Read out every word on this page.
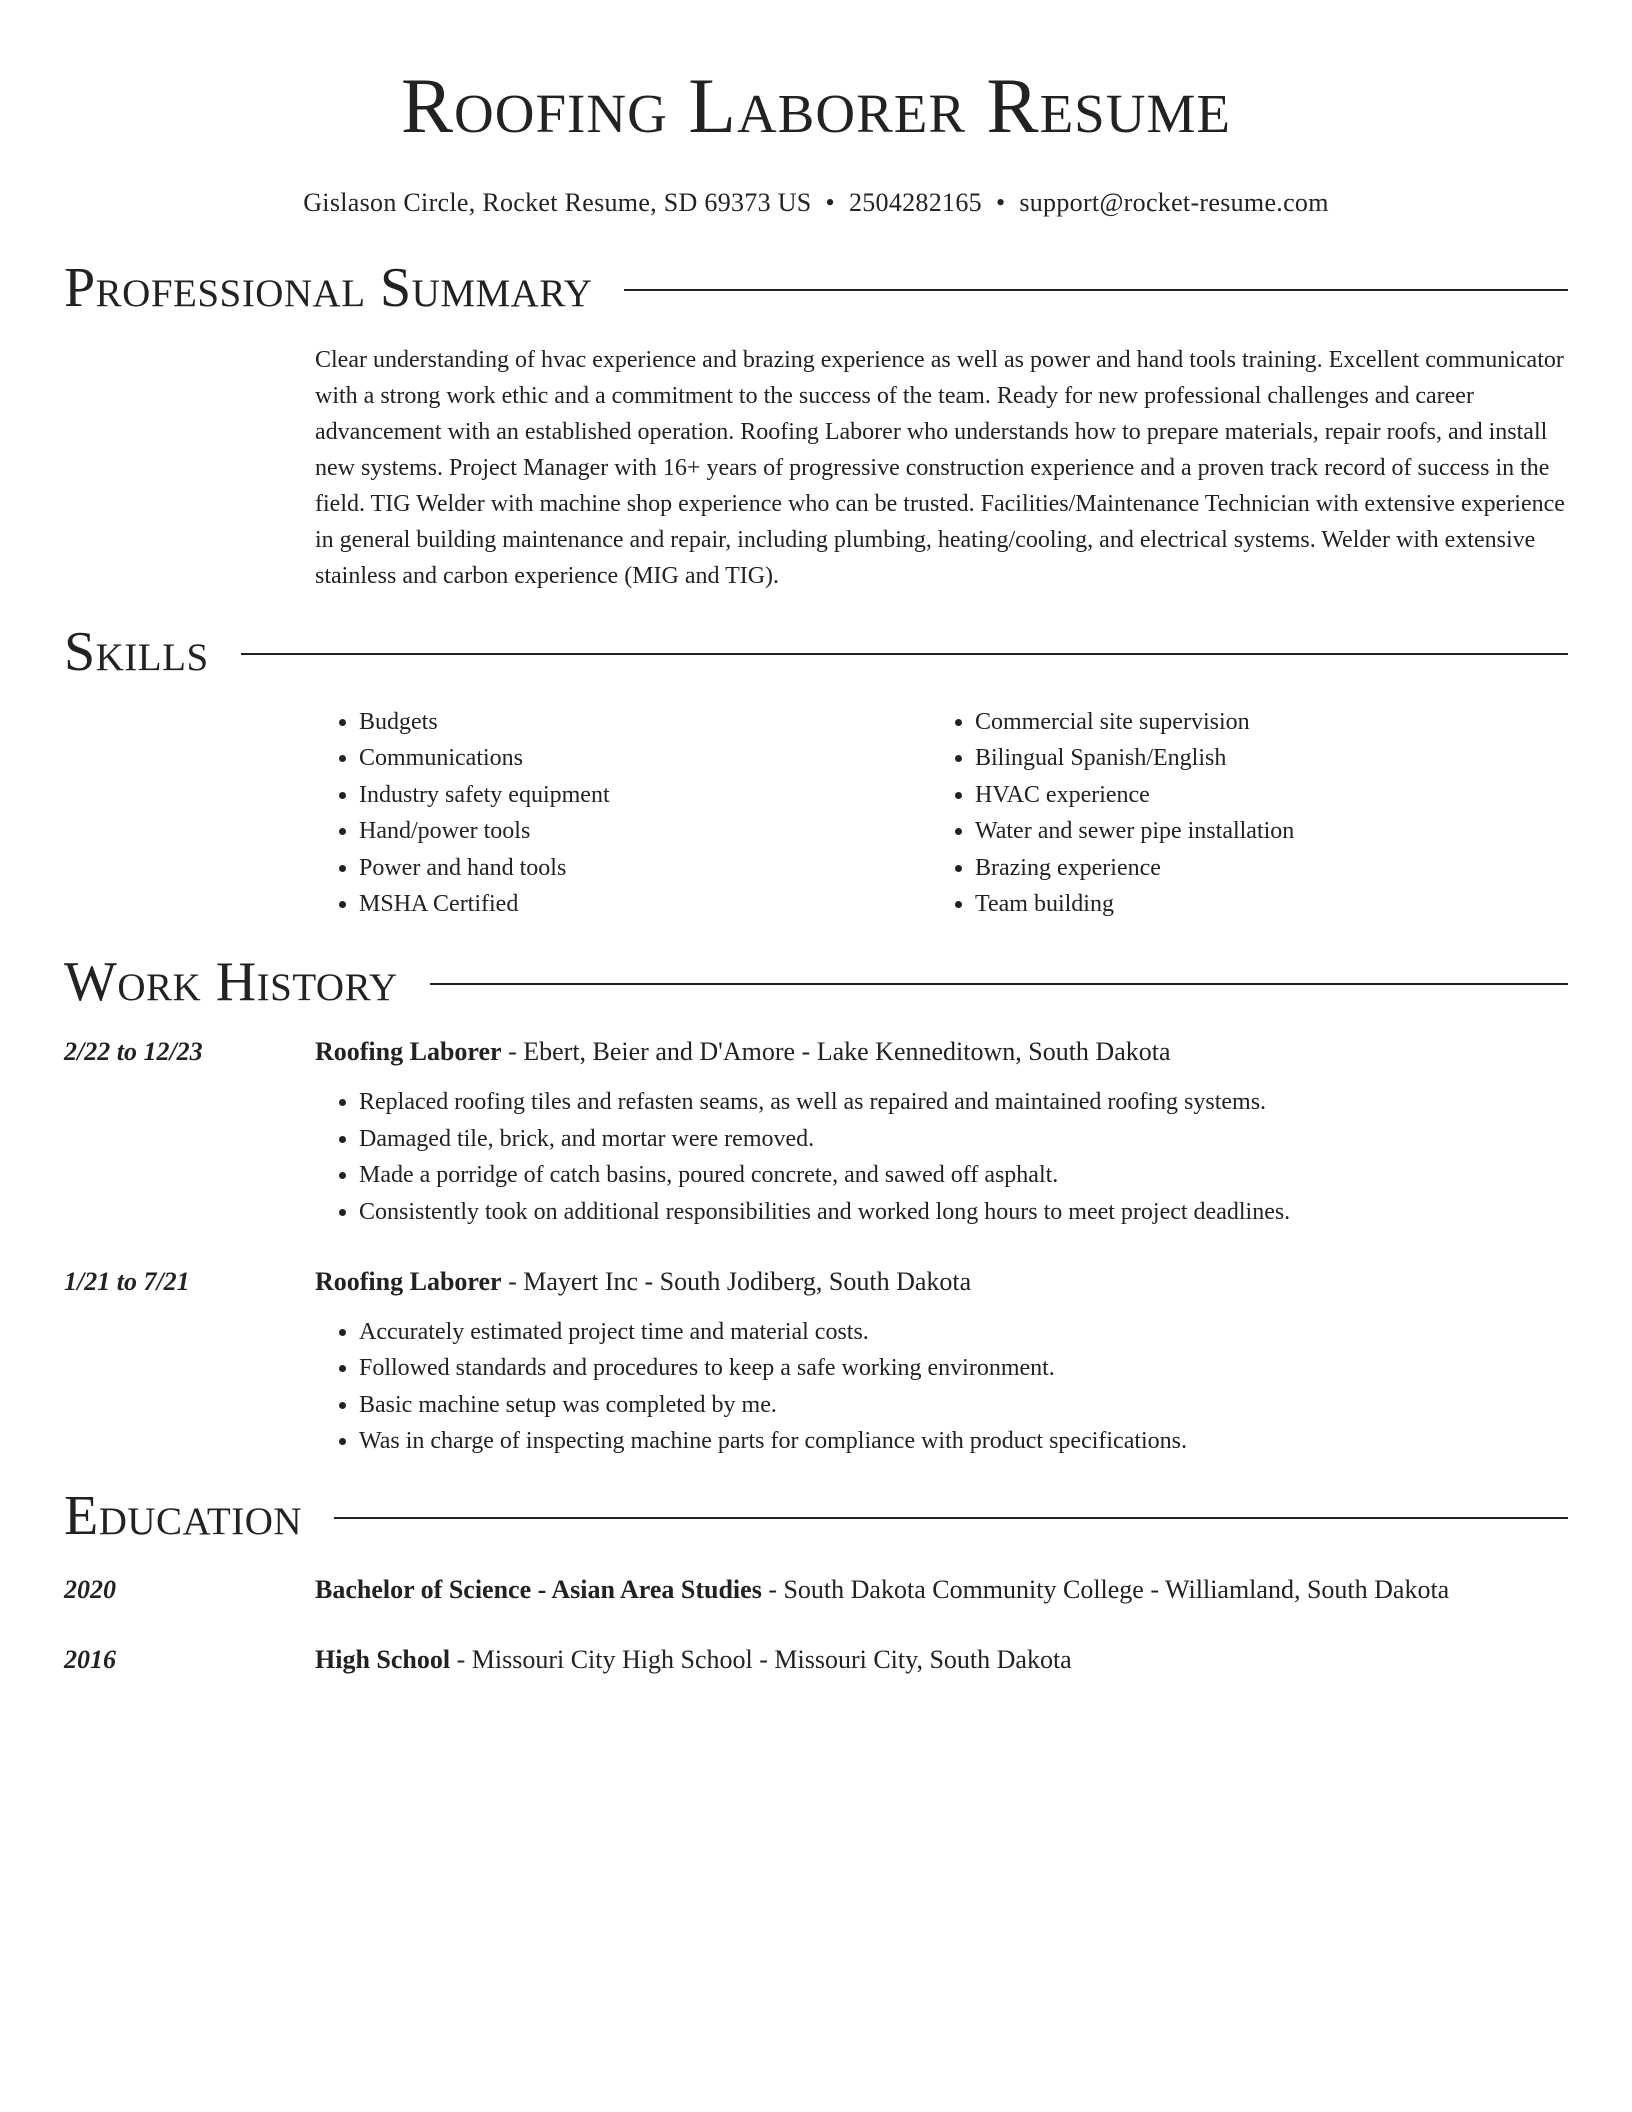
Roofing Laborer Resume
Gislason Circle, Rocket Resume, SD 69373 US • 2504282165 • support@rocket-resume.com
Professional Summary
Clear understanding of hvac experience and brazing experience as well as power and hand tools training. Excellent communicator with a strong work ethic and a commitment to the success of the team. Ready for new professional challenges and career advancement with an established operation. Roofing Laborer who understands how to prepare materials, repair roofs, and install new systems. Project Manager with 16+ years of progressive construction experience and a proven track record of success in the field. TIG Welder with machine shop experience who can be trusted. Facilities/Maintenance Technician with extensive experience in general building maintenance and repair, including plumbing, heating/cooling, and electrical systems. Welder with extensive stainless and carbon experience (MIG and TIG).
Skills
• Budgets
• Communications
• Industry safety equipment
• Hand/power tools
• Power and hand tools
• MSHA Certified
• Commercial site supervision
• Bilingual Spanish/English
• HVAC experience
• Water and sewer pipe installation
• Brazing experience
• Team building
Work History
2/22 to 12/23	Roofing Laborer - Ebert, Beier and D'Amore - Lake Kenneditown, South Dakota
• Replaced roofing tiles and refasten seams, as well as repaired and maintained roofing systems.
• Damaged tile, brick, and mortar were removed.
• Made a porridge of catch basins, poured concrete, and sawed off asphalt.
• Consistently took on additional responsibilities and worked long hours to meet project deadlines.
1/21 to 7/21	Roofing Laborer - Mayert Inc - South Jodiberg, South Dakota
• Accurately estimated project time and material costs.
• Followed standards and procedures to keep a safe working environment.
• Basic machine setup was completed by me.
• Was in charge of inspecting machine parts for compliance with product specifications.
Education
2020	Bachelor of Science - Asian Area Studies - South Dakota Community College - Williamland, South Dakota
2016	High School - Missouri City High School - Missouri City, South Dakota
